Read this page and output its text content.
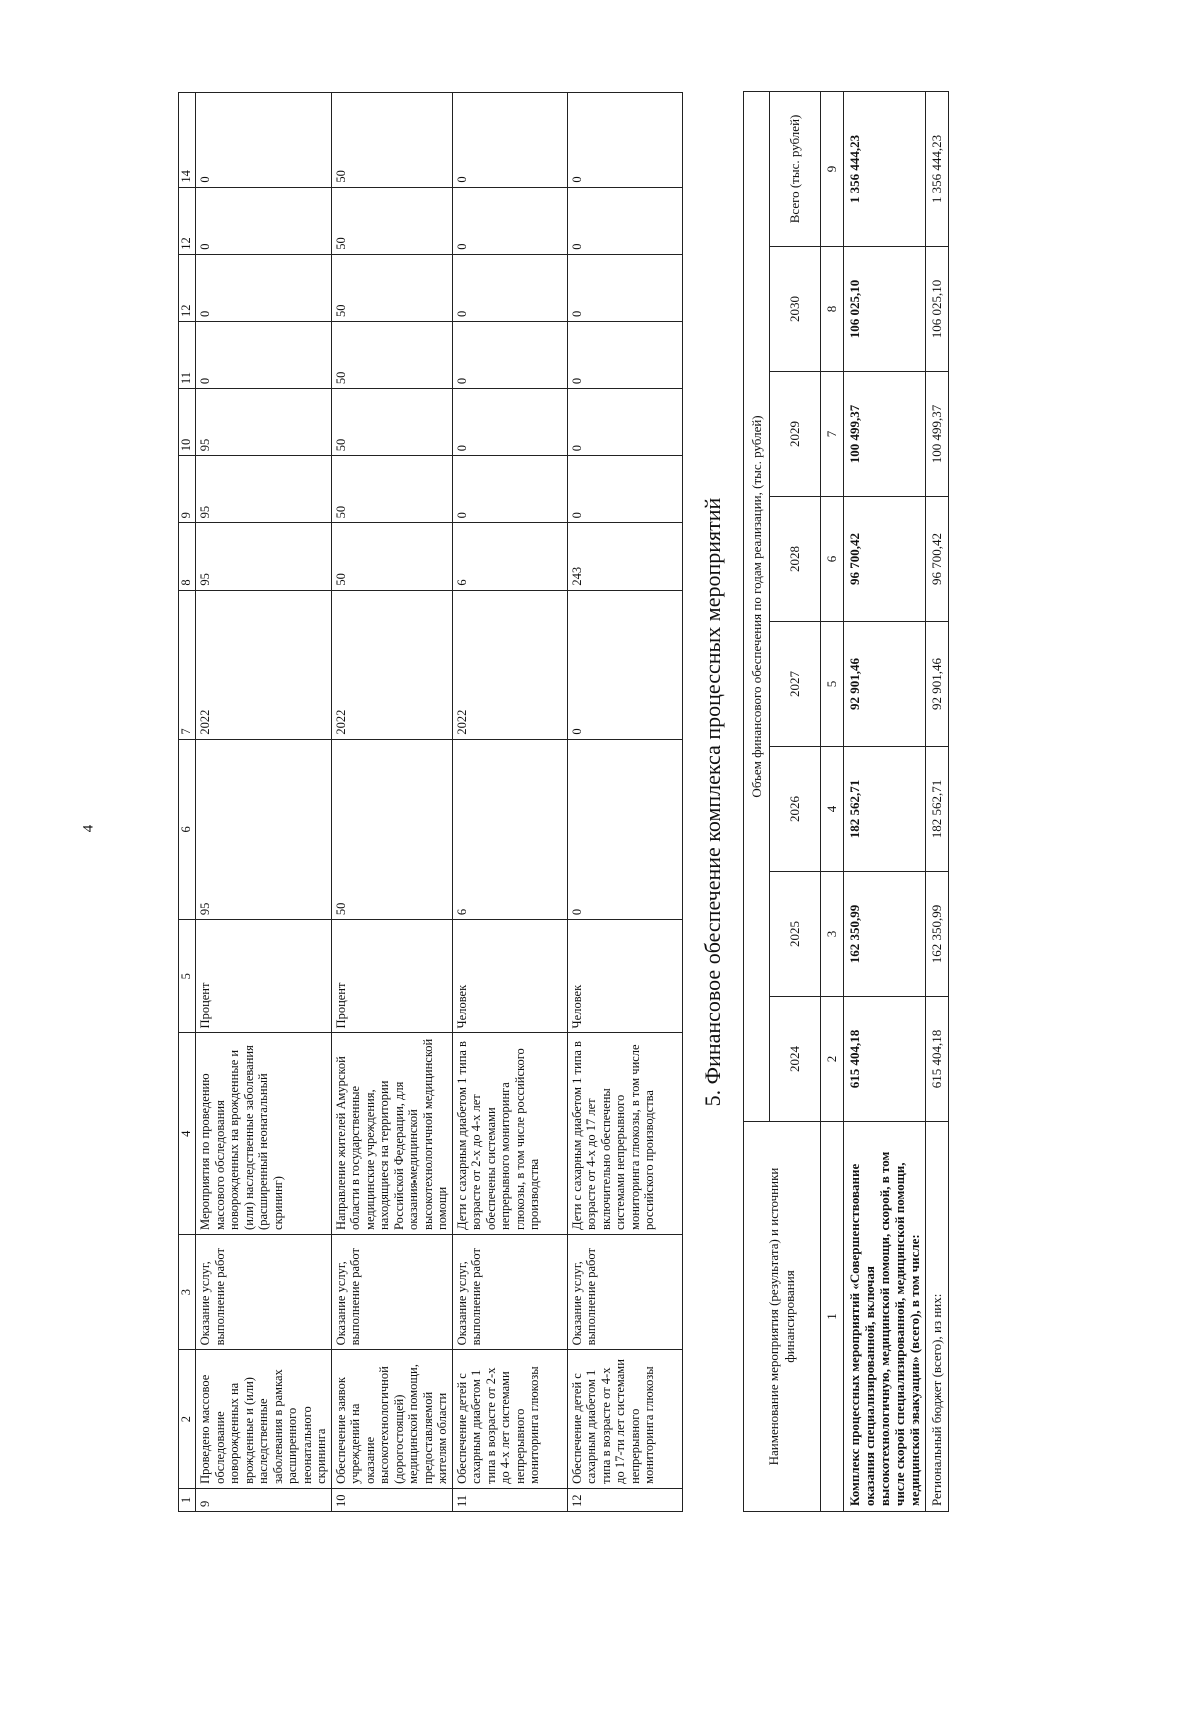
4
1	2	3	4	5	6	7	8	9	10	11	12	12	14
9	Проведено массовое обследование новорожденных на врожденные и (или) наследственные заболевания в рамках расширенного неонатального скрининга	Оказание услуг, выполнение работ	Мероприятия по проведению массового обследования новорожденных на врожденные и (или) наследственные заболевания (расширенный неонатальный скрининг)	Процент	95	2022	95	95	95	0	0	0	0
10	Обеспечение заявок учреждений на оказание высокотехнологичной (дорогостоящей) медицинской помощи, предоставляемой жителям области	Оказание услуг, выполнение работ	Направление жителей Амурской области в государственные медицинские учреждения, находящиеся на территории Российской Федерации, для оказания медицинской высокотехнологичной медицинской помощи	Процент	50	2022	50	50	50	50	50	50	50
11	Обеспечение детей с сахарным диабетом 1 типа в возрасте от 2-х до 4-х лет системами непрерывного мониторинга глюкозы	Оказание услуг, выполнение работ	Дети с сахарным диабетом 1 типа в возрасте от 2-х до 4-х лет обеспечены системами непрерывного мониторинга глюкозы, в том числе российского производства	Человек	6	2022	6	0	0	0	0	0	0
12	Обеспечение детей с сахарным диабетом 1 типа в возрасте от 4-х до 17-ти лет системами непрерывного мониторинга глюкозы	Оказание услуг, выполнение работ	Дети с сахарным диабетом 1 типа в возрасте от 4-х до 17 лет включительно обеспечены системами непрерывного мониторинга глюкозы, в том числе российского производства	Человек	0	0	243	0	0	0	0	0	0
5. Финансовое обеспечение комплекса процессных мероприятий
Наименование мероприятия (результата) и источники финансирования	Объем финансового обеспечения по годам реализации, (тыс. рублей)							
	2024	2025	2026	2027	2028	2029	2030	Всего (тыс. рублей)
1	2	3	4	5	6	7	8	9
Комплекс процессных мероприятий «Совершенствование оказания специализированной, включая высокотехнологичную, медицинской помощи, скорой, в том числе скорой специализированной, медицинской помощи, медицинской эвакуации» (всего), в том числе:	615 404,18	162 350,99	182 562,71	92 901,46	96 700,42	100 499,37	106 025,10	1 356 444,23
Региональный бюджет (всего), из них:	615 404,18	162 350,99	182 562,71	92 901,46	96 700,42	100 499,37	106 025,10	1 356 444,23
